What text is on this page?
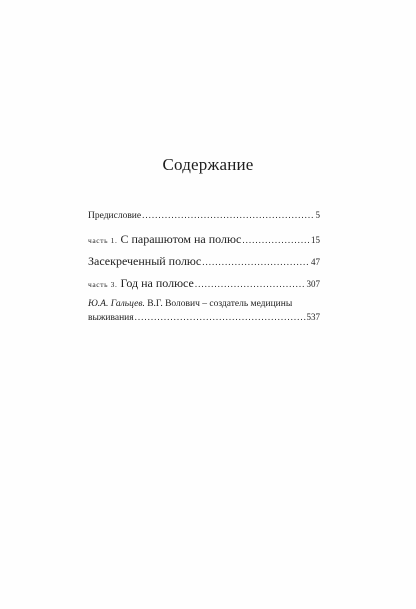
Содержание
Предисловие .....	5
часть 1. С парашютом на полюс .....	15
Засекреченный полюс .....	47
часть 3. Год на полюсе .....	307
Ю.А. Гальцев. В.Г. Волович – создатель медицины
выживания .....	537
